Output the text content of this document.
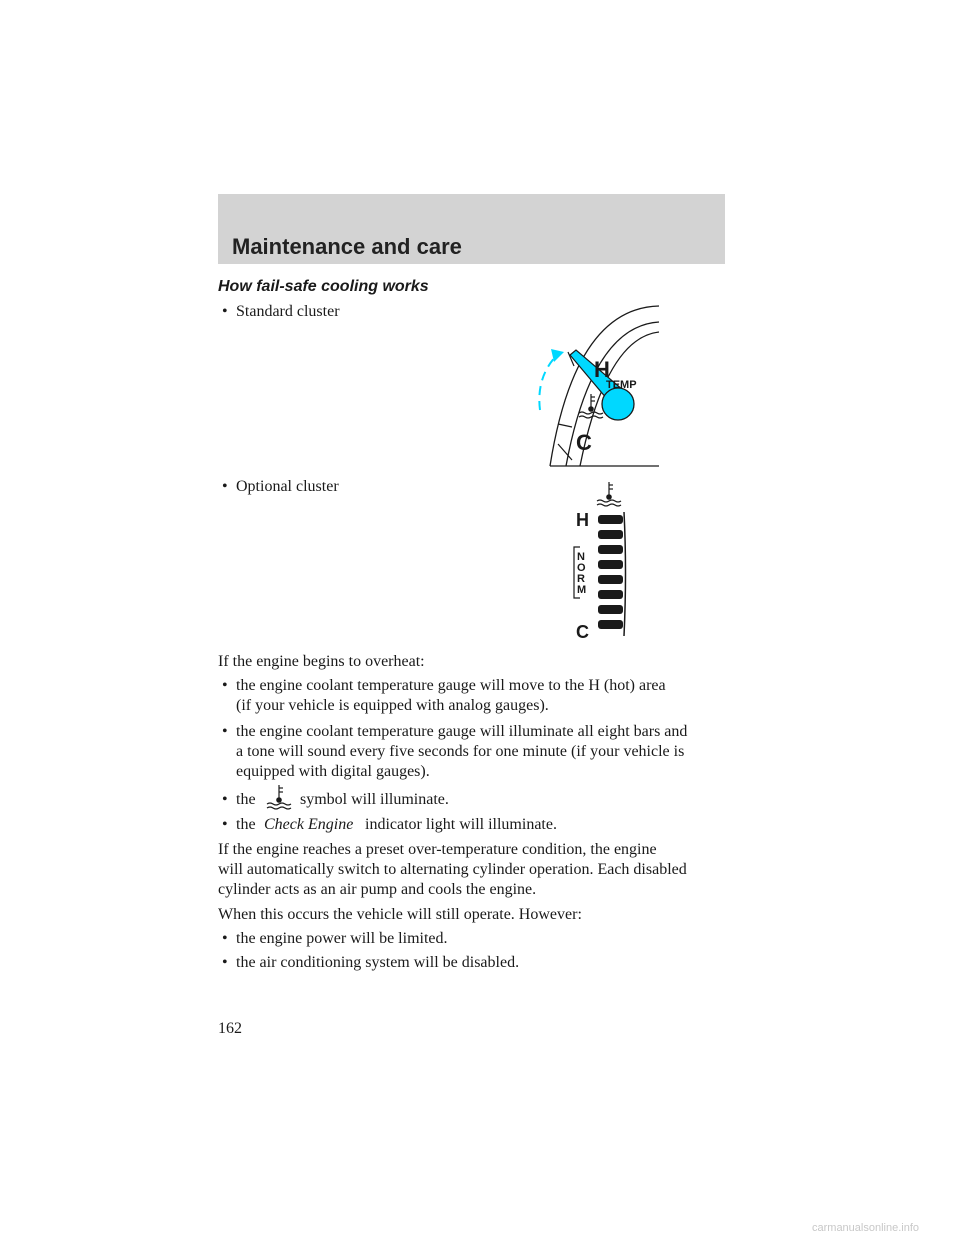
Maintenance and care
How fail-safe cooling works
• Standard cluster
H
TEMP
C
• Optional cluster
H
N
O
R
M
C
If the engine begins to overheat:
• the engine coolant temperature gauge will move to the H (hot) area
(if your vehicle is equipped with analog gauges).
• the engine coolant temperature gauge will illuminate all eight bars and
a tone will sound every five seconds for one minute (if your vehicle is
equipped with digital gauges).
• the	symbol will illuminate.
• the Check Engine indicator light will illuminate.
If the engine reaches a preset over-temperature condition, the engine
will automatically switch to alternating cylinder operation. Each disabled
cylinder acts as an air pump and cools the engine.
When this occurs the vehicle will still operate. However:
• the engine power will be limited.
• the air conditioning system will be disabled.
162
carmanualsonline.info
